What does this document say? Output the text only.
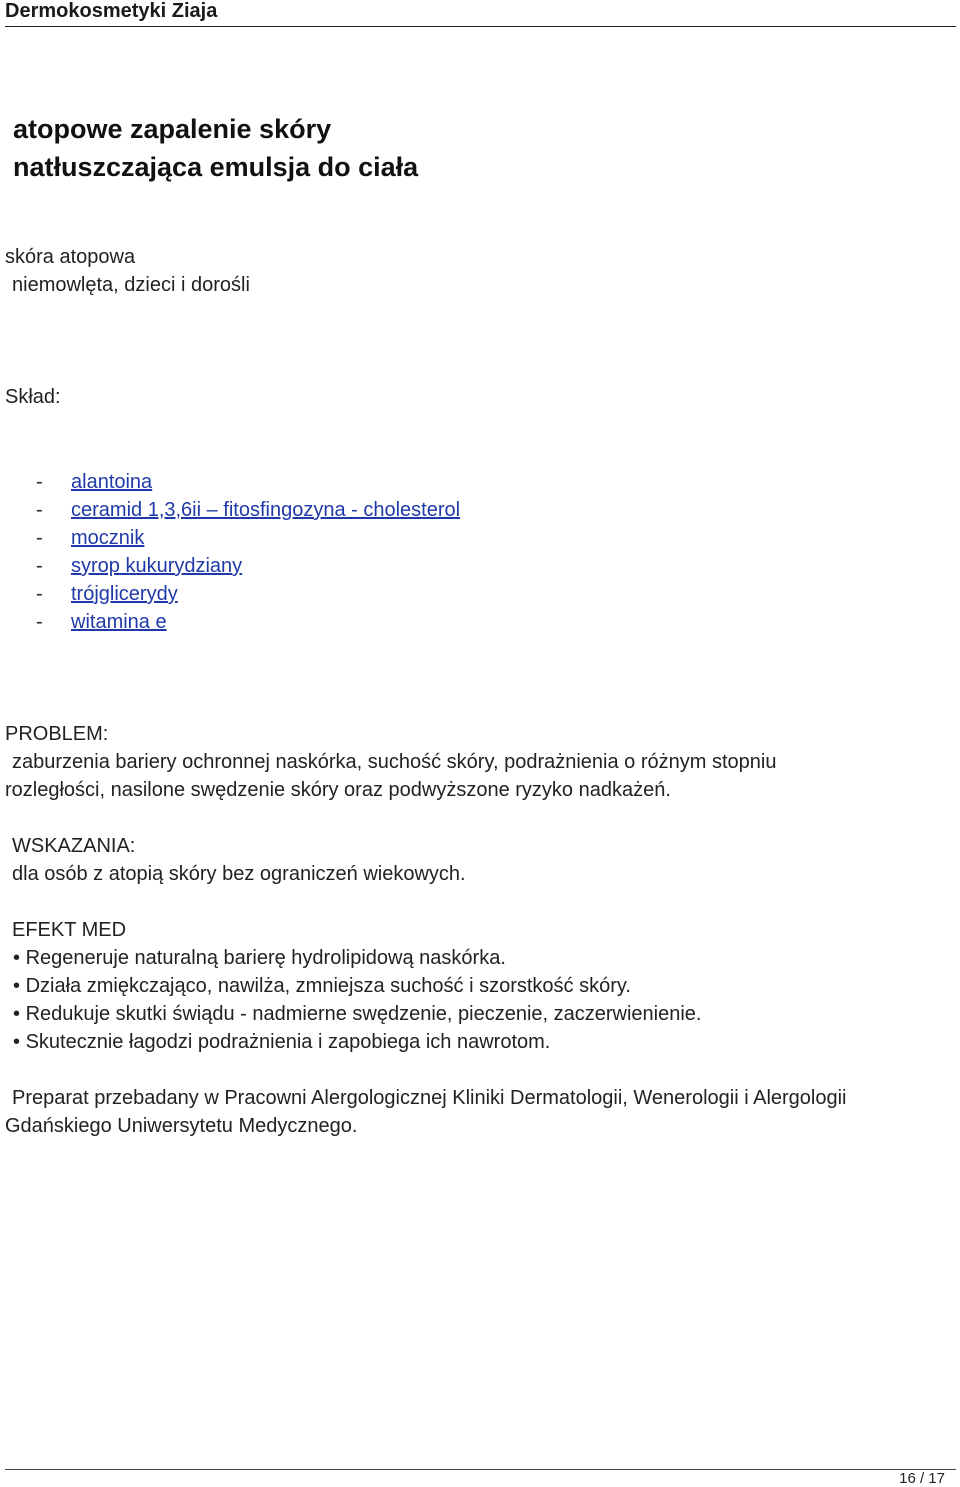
Dermokosmetyki Ziaja
atopowe zapalenie skóry
natłuszczająca emulsja do ciała
skóra atopowa
niemowlęta, dzieci i dorośli
Skład:
- alantoina
- ceramid 1,3,6ii – fitosfingozyna - cholesterol
- mocznik
- syrop kukurydziany
- trójglicerydy
- witamina e
PROBLEM:
zaburzenia bariery ochronnej naskórka, suchość skóry, podrażnienia o różnym stopniu
rozległości, nasilone swędzenie skóry oraz podwyższone ryzyko nadkażeń.
WSKAZANIA:
dla osób z atopią skóry bez ograniczeń wiekowych.
EFEKT MED
• Regeneruje naturalną barierę hydrolipidową naskórka.
• Działa zmiękczająco, nawilża, zmniejsza suchość i szorstkość skóry.
• Redukuje skutki świądu - nadmierne swędzenie, pieczenie, zaczerwienienie.
• Skutecznie łagodzi podrażnienia i zapobiega ich nawrotom.
Preparat przebadany w Pracowni Alergologicznej Kliniki Dermatologii, Wenerologii i Alergologii
Gdańskiego Uniwersytetu Medycznego.
16 / 17
